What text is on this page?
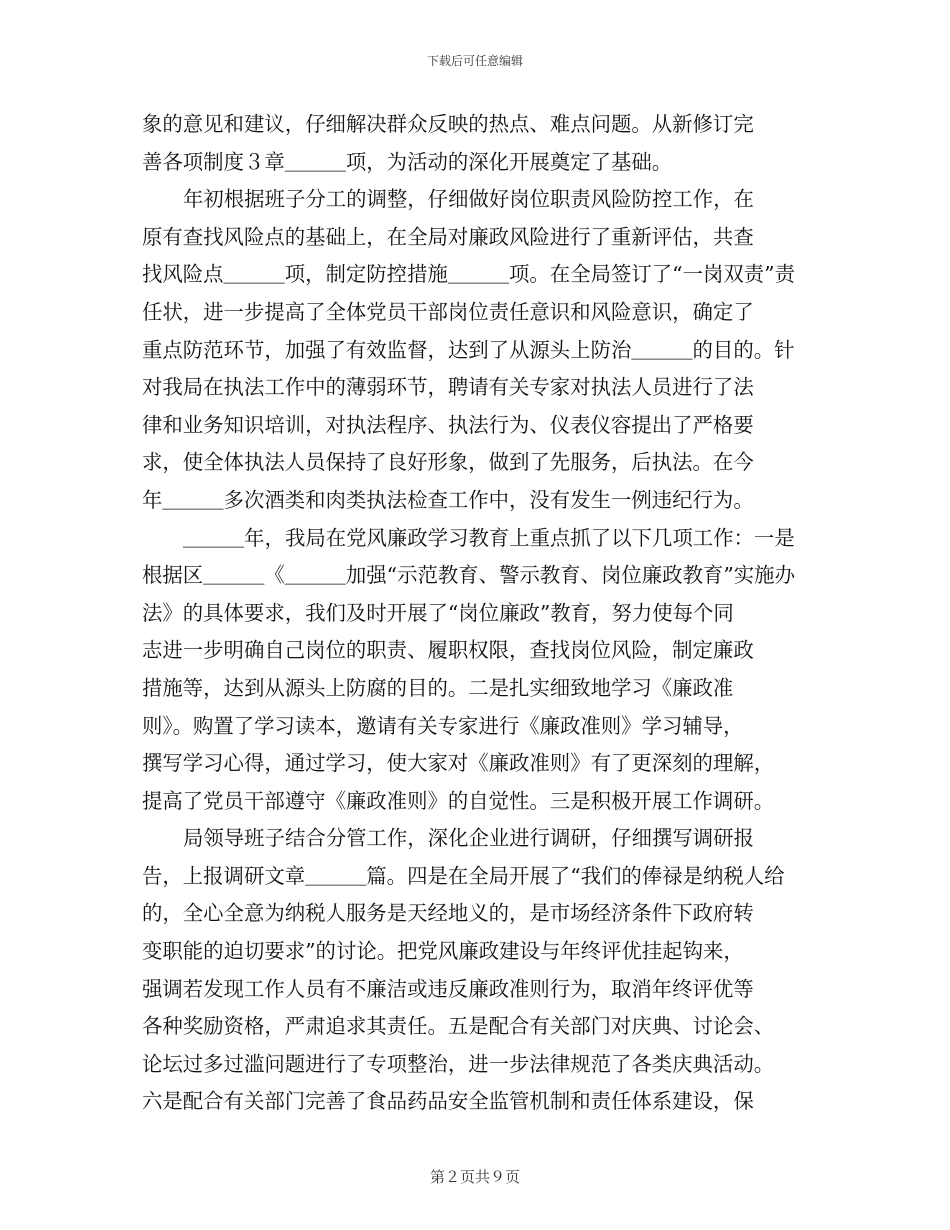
下载后可任意编辑
象的意见和建议，仔细解决群众反映的热点、难点问题。从新修订完
善各项制度３章＿＿＿项，为活动的深化开展奠定了基础。
年初根据班子分工的调整，仔细做好岗位职责风险防控工作，在
原有查找风险点的基础上，在全局对廉政风险进行了重新评估，共查
找风险点＿＿＿项，制定防控措施＿＿＿项。在全局签订了“一岗双责”责
任状，进一步提高了全体党员干部岗位责任意识和风险意识，确定了
重点防范环节，加强了有效监督，达到了从源头上防治＿＿＿的目的。针
对我局在执法工作中的薄弱环节，聘请有关专家对执法人员进行了法
律和业务知识培训，对执法程序、执法行为、仪表仪容提出了严格要
求，使全体执法人员保持了良好形象，做到了先服务，后执法。在今
年＿＿＿多次酒类和肉类执法检查工作中，没有发生一例违纪行为。
＿＿＿年，我局在党风廉政学习教育上重点抓了以下几项工作：一是
根据区＿＿＿《＿＿＿加强“示范教育、警示教育、岗位廉政教育”实施办
法》的具体要求，我们及时开展了“岗位廉政”教育，努力使每个同
志进一步明确自己岗位的职责、履职权限，查找岗位风险，制定廉政
措施等，达到从源头上防腐的目的。二是扎实细致地学习《廉政准
则》。购置了学习读本，邀请有关专家进行《廉政准则》学习辅导，
撰写学习心得，通过学习，使大家对《廉政准则》有了更深刻的理解，
提高了党员干部遵守《廉政准则》的自觉性。三是积极开展工作调研。
局领导班子结合分管工作，深化企业进行调研，仔细撰写调研报
告，上报调研文章＿＿＿篇。四是在全局开展了“我们的俸禄是纳税人给
的，全心全意为纳税人服务是天经地义的，是市场经济条件下政府转
变职能的迫切要求”的讨论。把党风廉政建设与年终评优挂起钩来，
强调若发现工作人员有不廉洁或违反廉政准则行为，取消年终评优等
各种奖励资格，严肃追求其责任。五是配合有关部门对庆典、讨论会、
论坛过多过滥问题进行了专项整治，进一步法律规范了各类庆典活动。
六是配合有关部门完善了食品药品安全监管机制和责任体系建设，保
第２页共９页
